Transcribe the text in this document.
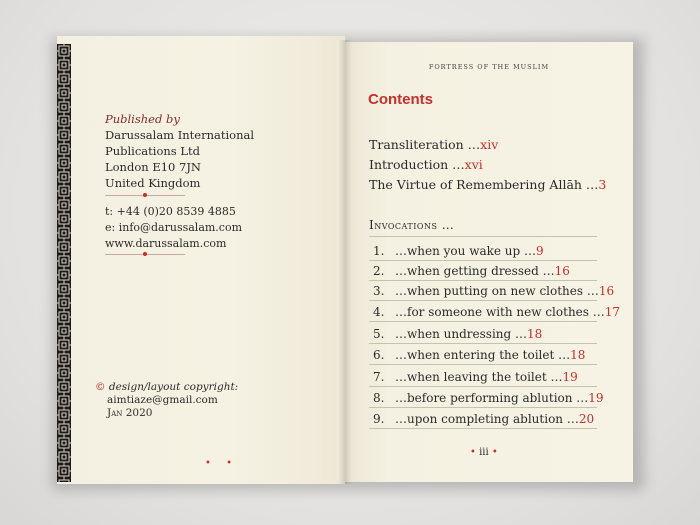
Published by
Darussalam International
Publications Ltd
London E10 7JN
United Kingdom
t: +44 (0)20 8539 4885
e: info@darussalam.com
www.darussalam.com
© design/layout copyright:
aimtiaze@gmail.com
Jan 2020
• •
FORTRESS OF THE MUSLIM
Contents
Transliteration …xiv
Introduction …xvi
The Virtue of Remembering Allāh …3
Invocations …
1. …when you wake up …9
2. …when getting dressed …16
3. …when putting on new clothes …16
4. …for someone with new clothes …17
5. …when undressing …18
6. …when entering the toilet …18
7. …when leaving the toilet …19
8. …before performing ablution …19
9. …upon completing ablution …20
• iii •
